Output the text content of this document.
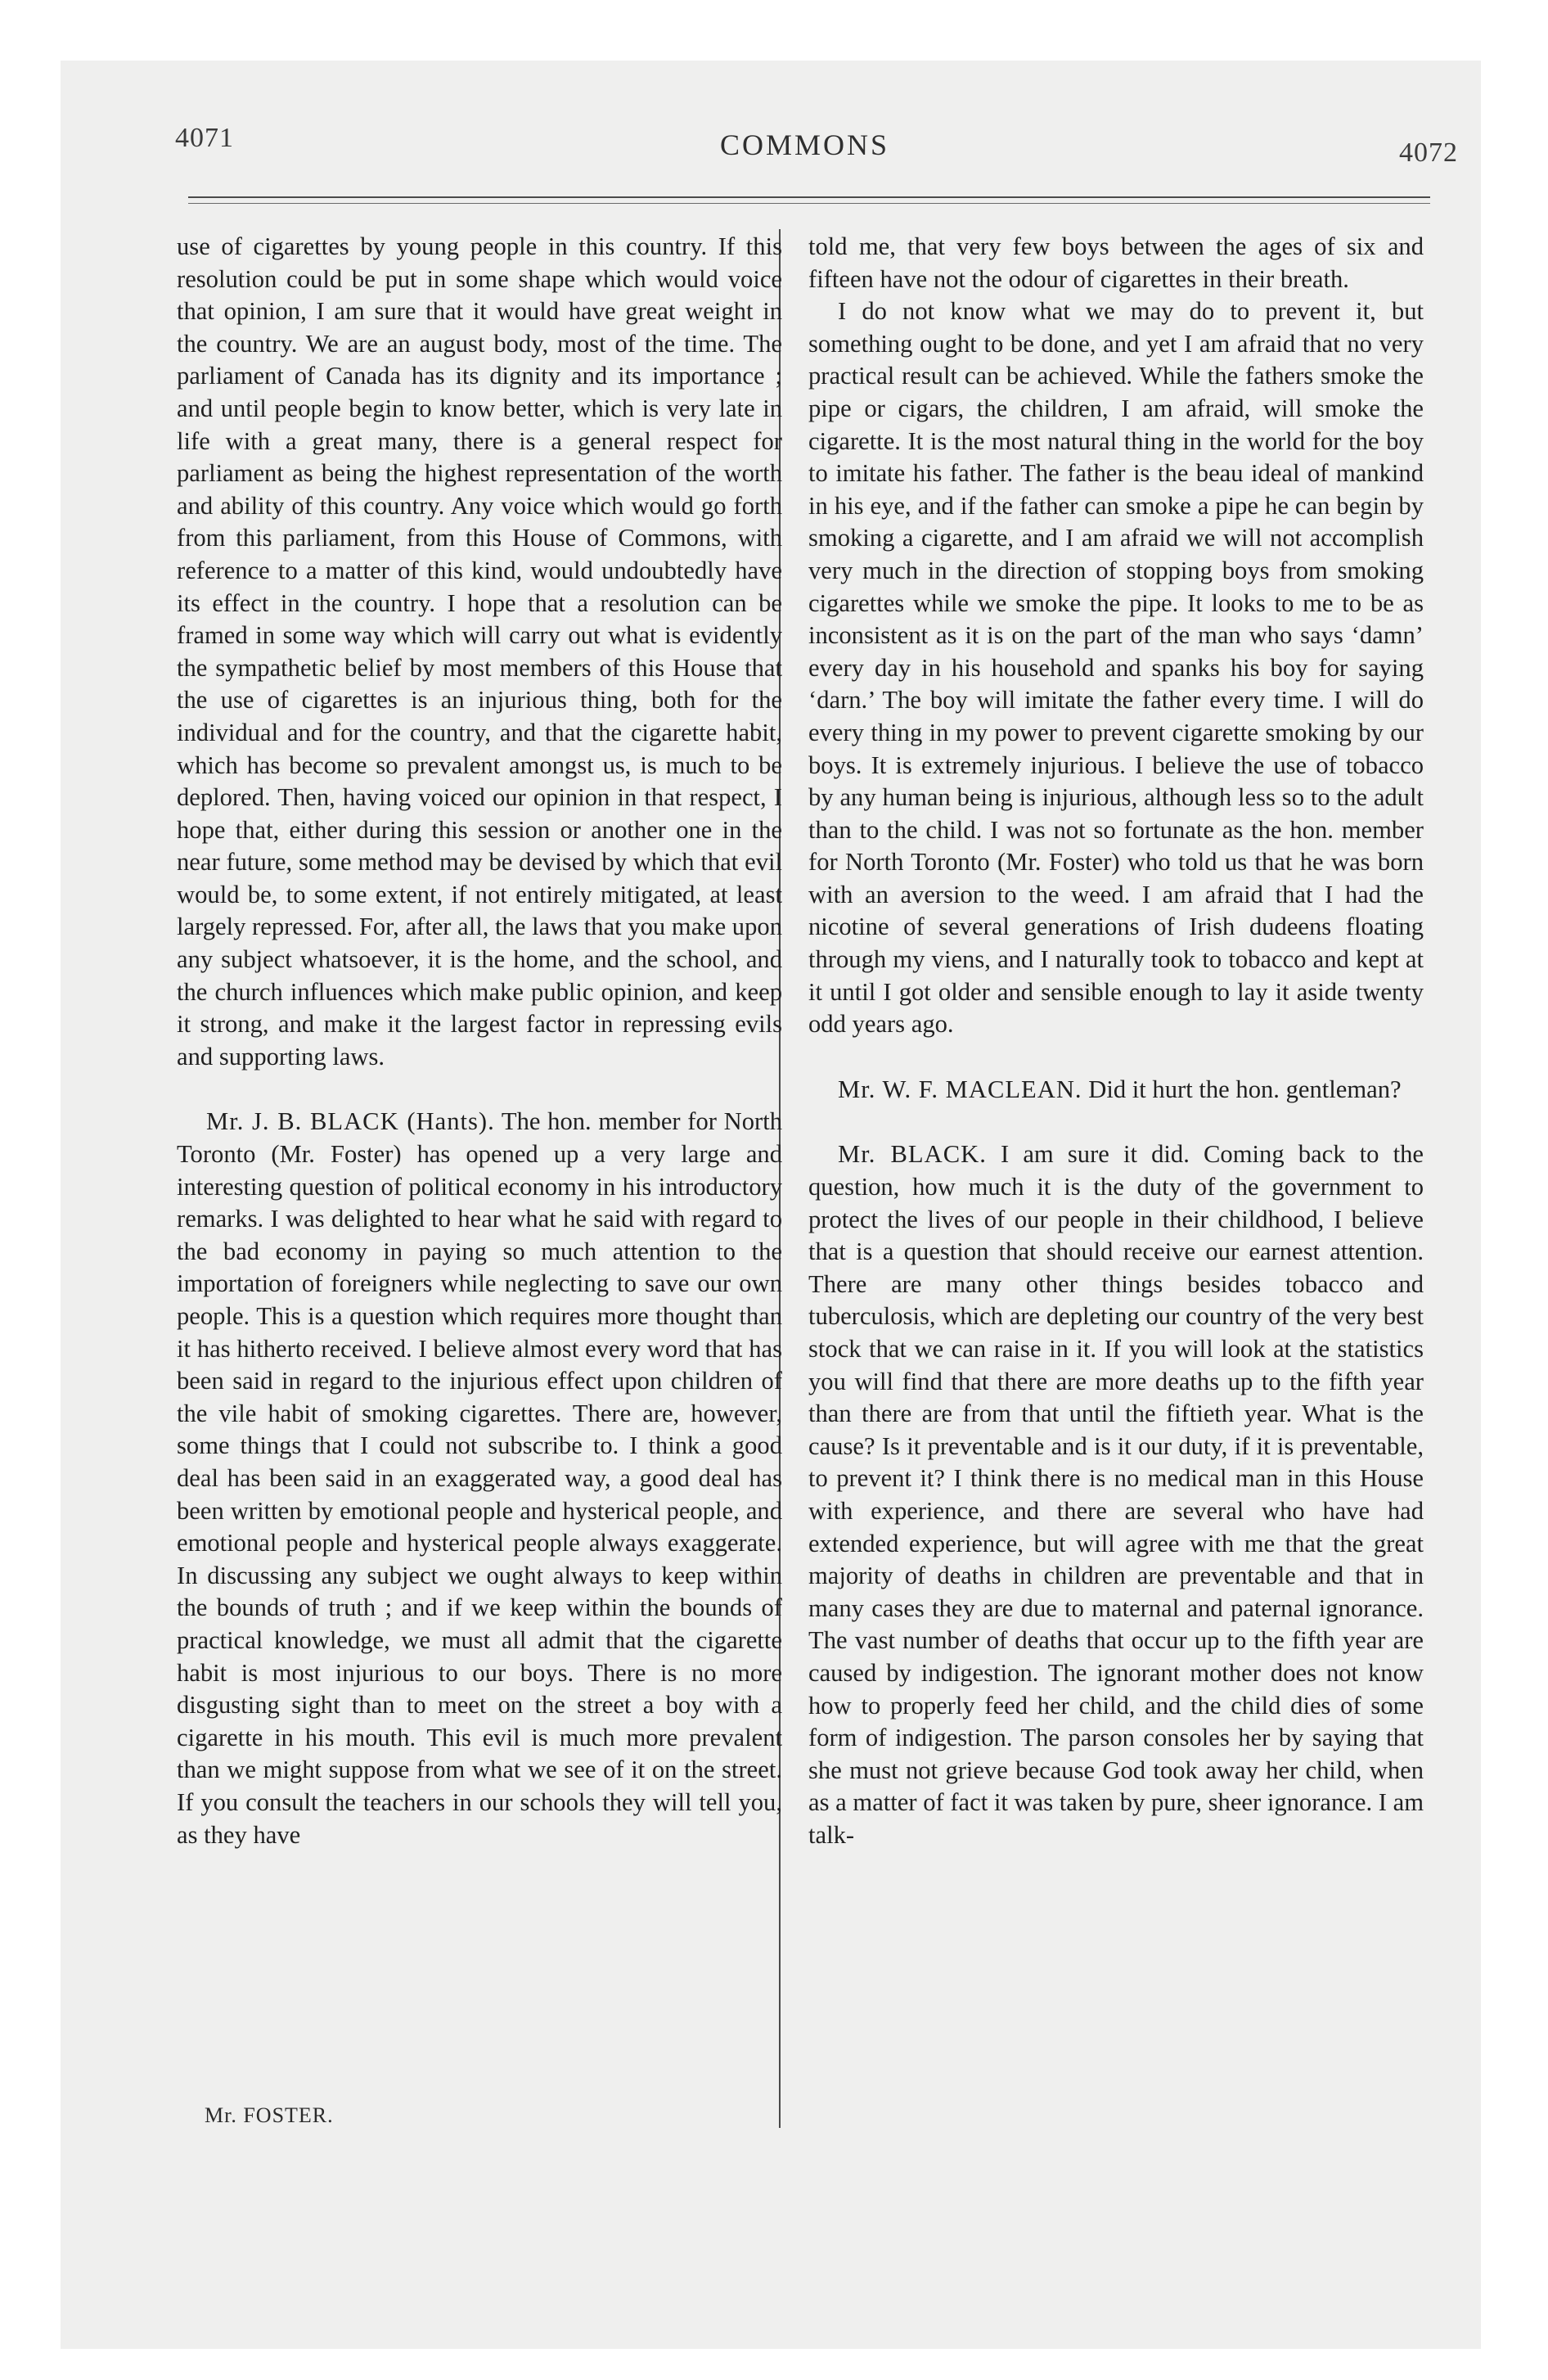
4071	COMMONS	4072

use of cigarettes by young people in this country. If this resolution could be put in some shape which would voice that opinion, I am sure that it would have great weight in the country. We are an august body, most of the time. The parliament of Canada has its dignity and its importance ; and until people begin to know better, which is very late in life with a great many, there is a general respect for parliament as being the highest representation of the worth and ability of this country. Any voice which would go forth from this parliament, from this House of Commons, with reference to a matter of this kind, would undoubtedly have its effect in the country. I hope that a resolution can be framed in some way which will carry out what is evidently the sympathetic belief by most members of this House that the use of cigarettes is an injurious thing, both for the individual and for the country, and that the cigarette habit, which has become so prevalent amongst us, is much to be deplored. Then, having voiced our opinion in that respect, I hope that, either during this session or another one in the near future, some method may be devised by which that evil would be, to some extent, if not entirely mitigated, at least largely repressed. For, after all, the laws that you make upon any subject whatsoever, it is the home, and the school, and the church influences which make public opinion, and keep it strong, and make it the largest factor in repressing evils and supporting laws.

Mr. J. B. BLACK (Hants). The hon. member for North Toronto (Mr. Foster) has opened up a very large and interesting question of political economy in his introductory remarks. I was delighted to hear what he said with regard to the bad economy in paying so much attention to the importation of foreigners while neglecting to save our own people. This is a question which requires more thought than it has hitherto received. I believe almost every word that has been said in regard to the injurious effect upon children of the vile habit of smoking cigarettes. There are, however, some things that I could not subscribe to. I think a good deal has been said in an exaggerated way, a good deal has been written by emotional people and hysterical people, and emotional people and hysterical people always exaggerate. In discussing any subject we ought always to keep within the bounds of truth ; and if we keep within the bounds of practical knowledge, we must all admit that the cigarette habit is most injurious to our boys. There is no more disgusting sight than to meet on the street a boy with a cigarette in his mouth. This evil is much more prevalent than we might suppose from what we see of it on the street. If you consult the teachers in our schools they will tell you, as they have

Mr. FOSTER.

told me, that very few boys between the ages of six and fifteen have not the odour of cigarettes in their breath.

I do not know what we may do to prevent it, but something ought to be done, and yet I am afraid that no very practical result can be achieved. While the fathers smoke the pipe or cigars, the children, I am afraid, will smoke the cigarette. It is the most natural thing in the world for the boy to imitate his father. The father is the beau ideal of mankind in his eye, and if the father can smoke a pipe he can begin by smoking a cigarette, and I am afraid we will not accomplish very much in the direction of stopping boys from smoking cigarettes while we smoke the pipe. It looks to me to be as inconsistent as it is on the part of the man who says ‘damn’ every day in his household and spanks his boy for saying ‘darn.’ The boy will imitate the father every time. I will do every thing in my power to prevent cigarette smoking by our boys. It is extremely injurious. I believe the use of tobacco by any human being is injurious, although less so to the adult than to the child. I was not so fortunate as the hon. member for North Toronto (Mr. Foster) who told us that he was born with an aversion to the weed. I am afraid that I had the nicotine of several generations of Irish dudeens floating through my viens, and I naturally took to tobacco and kept at it until I got older and sensible enough to lay it aside twenty odd years ago.

Mr. W. F. MACLEAN. Did it hurt the hon. gentleman?

Mr. BLACK. I am sure it did. Coming back to the question, how much it is the duty of the government to protect the lives of our people in their childhood, I believe that is a question that should receive our earnest attention. There are many other things besides tobacco and tuberculosis, which are depleting our country of the very best stock that we can raise in it. If you will look at the statistics you will find that there are more deaths up to the fifth year than there are from that until the fiftieth year. What is the cause? Is it preventable and is it our duty, if it is preventable, to prevent it? I think there is no medical man in this House with experience, and there are several who have had extended experience, but will agree with me that the great majority of deaths in children are preventable and that in many cases they are due to maternal and paternal ignorance. The vast number of deaths that occur up to the fifth year are caused by indigestion. The ignorant mother does not know how to properly feed her child, and the child dies of some form of indigestion. The parson consoles her by saying that she must not grieve because God took away her child, when as a matter of fact it was taken by pure, sheer ignorance. I am talk-
